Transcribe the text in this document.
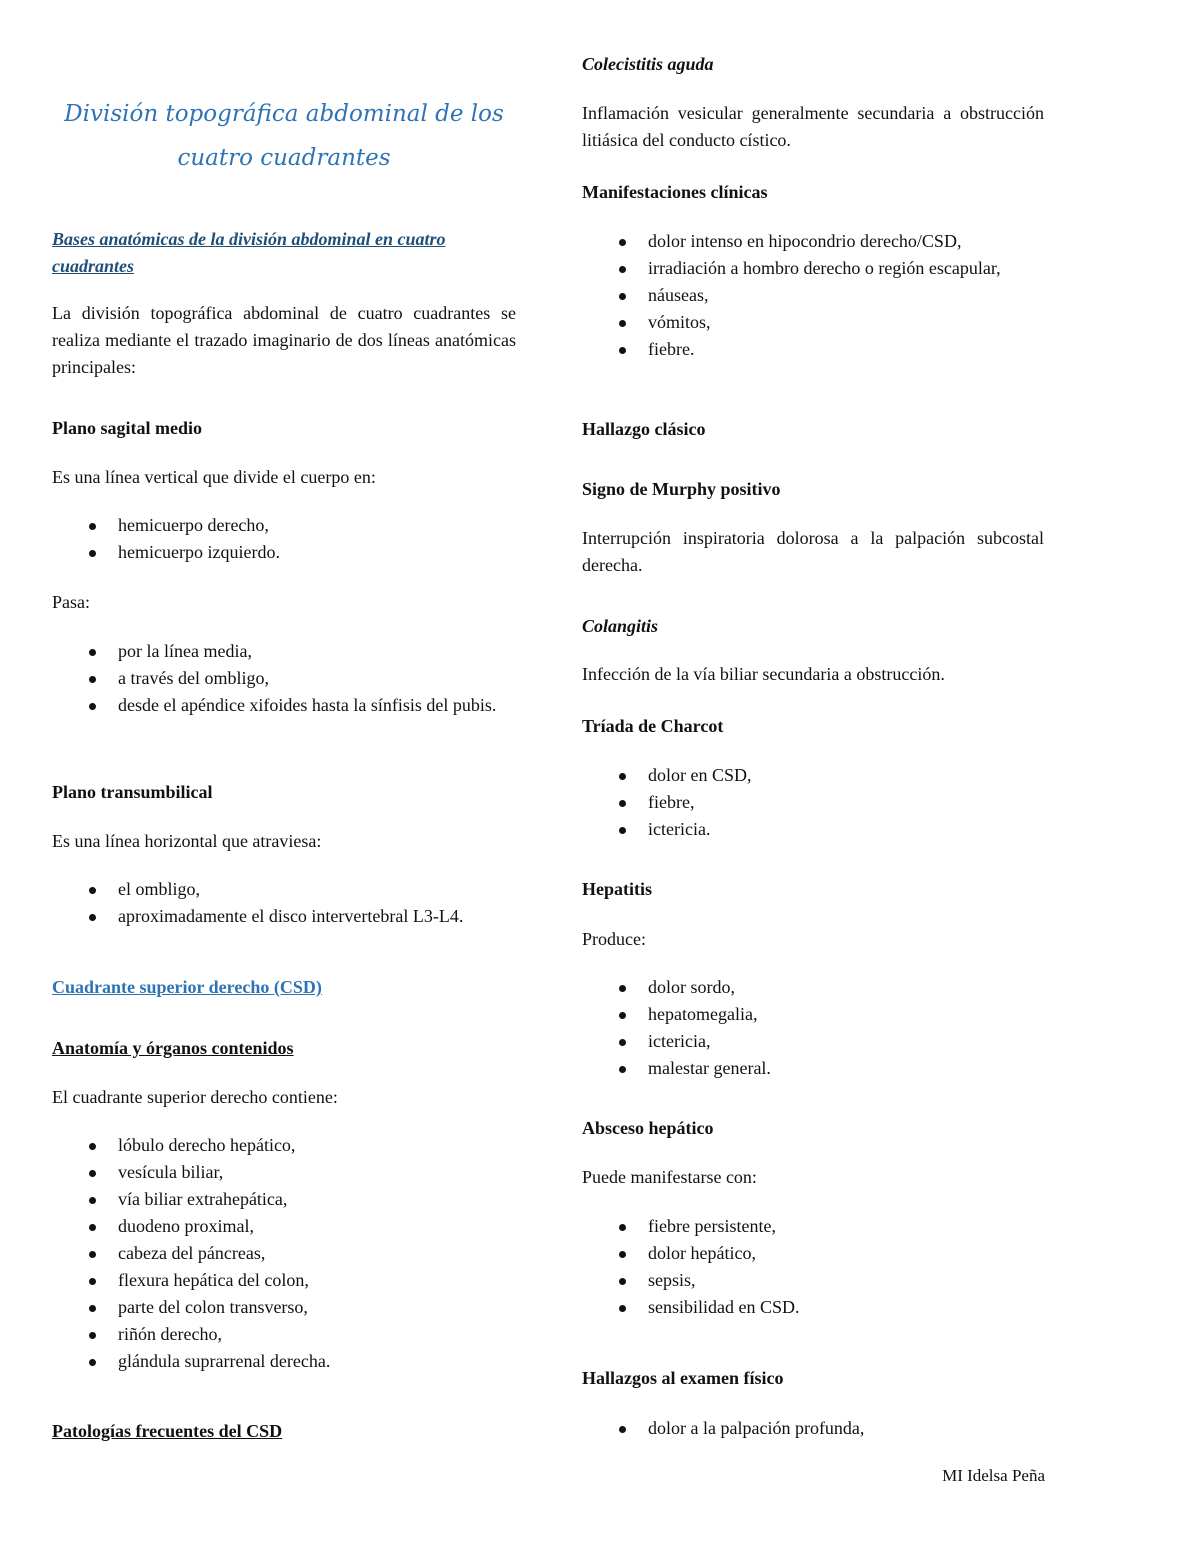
División topográfica abdominal de los cuatro cuadrantes

Bases anatómicas de la división abdominal en cuatro cuadrantes

La división topográfica abdominal de cuatro cuadrantes se realiza mediante el trazado imaginario de dos líneas anatómicas principales:

Plano sagital medio

Es una línea vertical que divide el cuerpo en:

hemicuerpo derecho,
hemicuerpo izquierdo.

Pasa:

por la línea media,
a través del ombligo,
desde el apéndice xifoides hasta la sínfisis del pubis.

Plano transumbilical

Es una línea horizontal que atraviesa:

el ombligo,
aproximadamente el disco intervertebral L3-L4.

Cuadrante superior derecho (CSD)

Anatomía y órganos contenidos

El cuadrante superior derecho contiene:

lóbulo derecho hepático,
vesícula biliar,
vía biliar extrahepática,
duodeno proximal,
cabeza del páncreas,
flexura hepática del colon,
parte del colon transverso,
riñón derecho,
glándula suprarrenal derecha.

Patologías frecuentes del CSD

Colecistitis aguda

Inflamación vesicular generalmente secundaria a obstrucción litiásica del conducto cístico.

Manifestaciones clínicas

dolor intenso en hipocondrio derecho/CSD,
irradiación a hombro derecho o región escapular,
náuseas,
vómitos,
fiebre.

Hallazgo clásico

Signo de Murphy positivo

Interrupción inspiratoria dolorosa a la palpación subcostal derecha.

Colangitis

Infección de la vía biliar secundaria a obstrucción.

Tríada de Charcot

dolor en CSD,
fiebre,
ictericia.

Hepatitis

Produce:

dolor sordo,
hepatomegalia,
ictericia,
malestar general.

Absceso hepático

Puede manifestarse con:

fiebre persistente,
dolor hepático,
sepsis,
sensibilidad en CSD.

Hallazgos al examen físico

dolor a la palpación profunda,
MI Idelsa Peña
